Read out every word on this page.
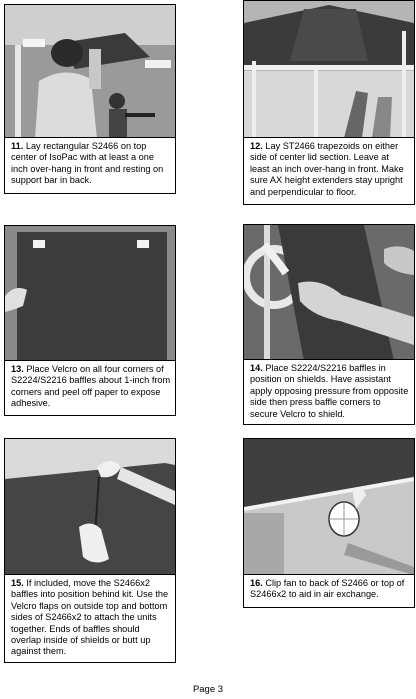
11. Lay rectangular S2466 on top center of IsoPac with at least a one inch over-hang in front and resting on support bar in back.
12. Lay ST2466 trapezoids on either side of center lid section. Leave at least an inch over-hang in front. Make sure AX height extenders stay upright and perpendicular to floor.
13. Place Velcro on all four corners of S2224/S2216 baffles about 1-inch from corners and peel off paper to expose adhesive.
14. Place S2224/S2216 baffles in position on shields. Have assistant apply opposing pressure from opposite side then press baffle corners to secure Velcro to shield.
15. If included, move the S2466x2 baffles into position behind kit. Use the Velcro flaps on outside top and bottom sides of S2466x2 to attach the units together. Ends of baffles should overlap inside of shields or butt up against them.
16. Clip fan to back of S2466 or top of S2466x2 to aid in air exchange.
Page 3
